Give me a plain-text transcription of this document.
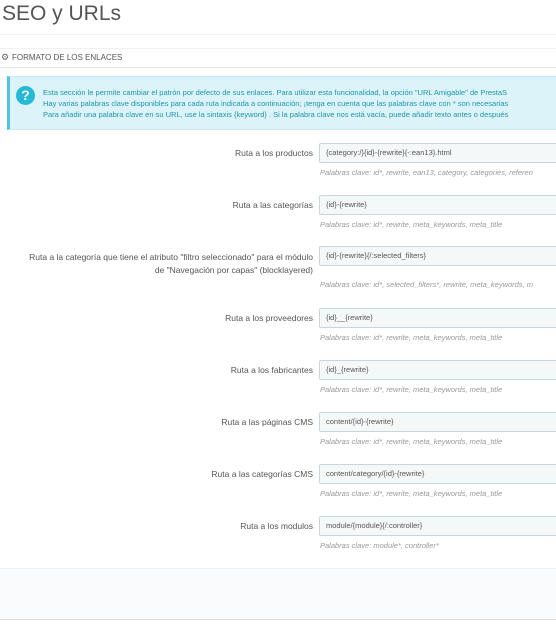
SEO y URLs
⚙ FORMATO DE LOS ENLACES
?	Esta sección le permite cambiar el patrón por defecto de sus enlaces. Para utilizar esta funcionalidad, la opción "URL Amigable" de PrestaS
Hay varias palabras clave disponibles para cada ruta indicada a continuación; ¡tenga en cuenta que las palabras clave con * son necesarias
Para añadir una palabra clave en su URL, use la sintaxis {keyword} . Si la palabra clave nos está vacía, puede añadir texto antes o después
Ruta a los productos	{category:/}{id}-{rewrite}{-:ean13}.html
Palabras clave: id*, rewrite, ean13, category, categories, referen
Ruta a las categorías	{id}-{rewrite}
Palabras clave: id*, rewrite, meta_keywords, meta_title
Ruta a la categoría que tiene el atributo "filtro seleccionado" para el módulo
de "Navegación por capas" (blocklayered)
{id}-{rewrite}{/:selected_filters}
Palabras clave: id*, selected_filters*, rewrite, meta_keywords, m
Ruta a los proveedores	{id}__{rewrite}
Palabras clave: id*, rewrite, meta_keywords, meta_title
Ruta a los fabricantes	{id}_{rewrite}
Palabras clave: id*, rewrite, meta_keywords, meta_title
Ruta a las páginas CMS	content/{id}-{rewrite}
Palabras clave: id*, rewrite, meta_keywords, meta_title
Ruta a las categorías CMS	content/category/{id}-{rewrite}
Palabras clave: id*, rewrite, meta_keywords, meta_title
Ruta a los modulos	module/{module}{/:controller}
Palabras clave: module*, controller*
